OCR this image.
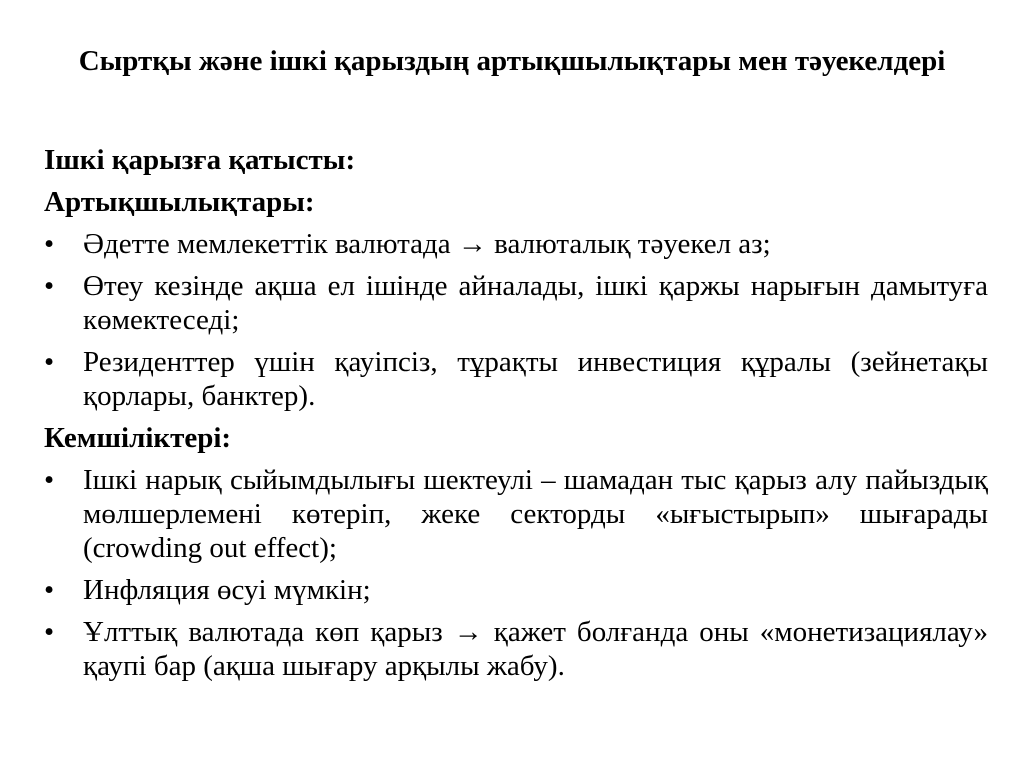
Сыртқы және ішкі қарыздың артықшылықтары мен тәуекелдері
Ішкі қарызға қатысты:
Артықшылықтары:
• Әдетте мемлекеттік валютада → валюталық тәуекел аз;
• Өтеу кезінде ақша ел ішінде айналады, ішкі қаржы нарығын дамытуға көмектеседі;
• Резиденттер үшін қауіпсіз, тұрақты инвестиция құралы (зейнетақы қорлары, банктер).
Кемшіліктері:
• Ішкі нарық сыйымдылығы шектеулі – шамадан тыс қарыз алу пайыздық мөлшерлемені көтеріп, жеке секторды «ығыстырып» шығарады (crowding out effect);
• Инфляция өсуі мүмкін;
• Ұлттық валютада көп қарыз → қажет болғанда оны «монетизациялау» қаупі бар (ақша шығару арқылы жабу).
